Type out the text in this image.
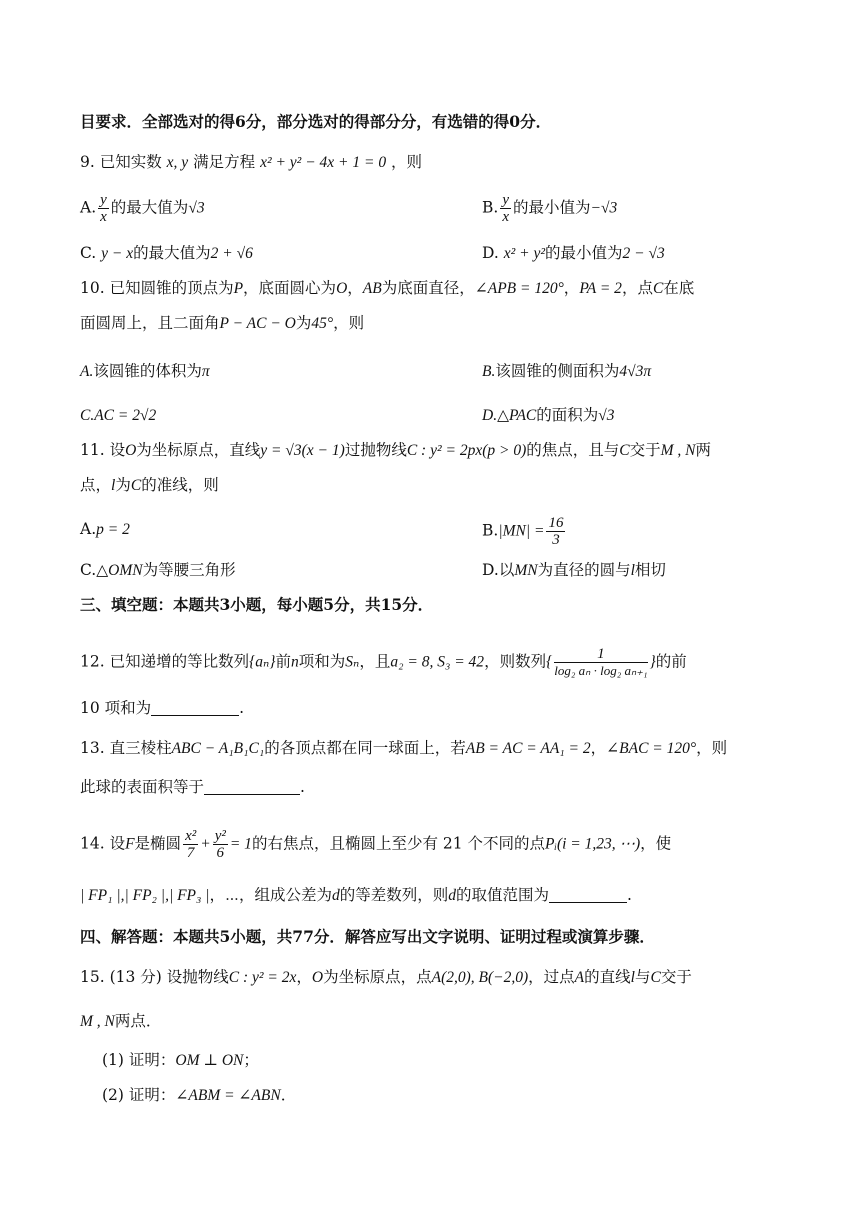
目要求．全部选对的得6分，部分选对的得部分分，有选错的得0分．
9. 已知实数 x, y 满足方程 x² + y² − 4x + 1 = 0 ，则
A. $\frac{y}{x}$ 的最大值为√3	B. $\frac{y}{x}$ 的最小值为−√3
C. y − x的最大值为2 + √6	D. x² + y²的最小值为2 − √3
10. 已知圆锥的顶点为P，底面圆心为O，AB为底面直径，∠APB = 120°，PA = 2，点C在底
面圆周上，且二面角P − AC − O为45°，则
A.该圆锥的体积为π	B.该圆锥的侧面积为4√3π
C.AC = 2√2	D.△PAC的面积为√3
11. 设O为坐标原点，直线y = √3(x − 1)过抛物线C : y² = 2px(p > 0)的焦点，且与C交于M , N两
点，l为C的准线，则
A.p = 2	$B.|MN| = \frac{16}{3}$
C.△OMN为等腰三角形	D.以MN为直径的圆与l相切
三、填空题：本题共3小题，每小题5分，共15分．
12. 已知递增的等比数列{aₙ}前n项和为Sₙ，且a₂ = 8, S₃ = 42，则数列{ $\frac{1}{\text{log₂ aₙ · log₂ aₙ₊₁}}$ }的前
10 项和为	.
13. 直三棱柱ABC − A₁B₁C₁的各顶点都在同一球面上，若AB = AC = AA₁ = 2，∠BAC = 120°，则
此球的表面积等于	.
14. 设F是椭圆 $\frac{\text{x²}}{7} + \frac{\text{y²}}{6} = 1$的右焦点，且椭圆上至少有 21 个不同的点Pᵢ(i = 1,23, ⋯)，使
| FP₁ |,| FP₂ |,| FP₃ |，⋯，组成公差为d的等差数列，则d的取值范围为	.
四、解答题：本题共5小题，共77分．解答应写出文字说明、证明过程或演算步骤．
15. (13 分) 设抛物线C : y² = 2x，O为坐标原点，点A(2,0), B(−2,0)，过点A的直线l与C交于
M , N两点．
(1) 证明：OM ⊥ ON；
(2) 证明：∠ABM = ∠ABN．
